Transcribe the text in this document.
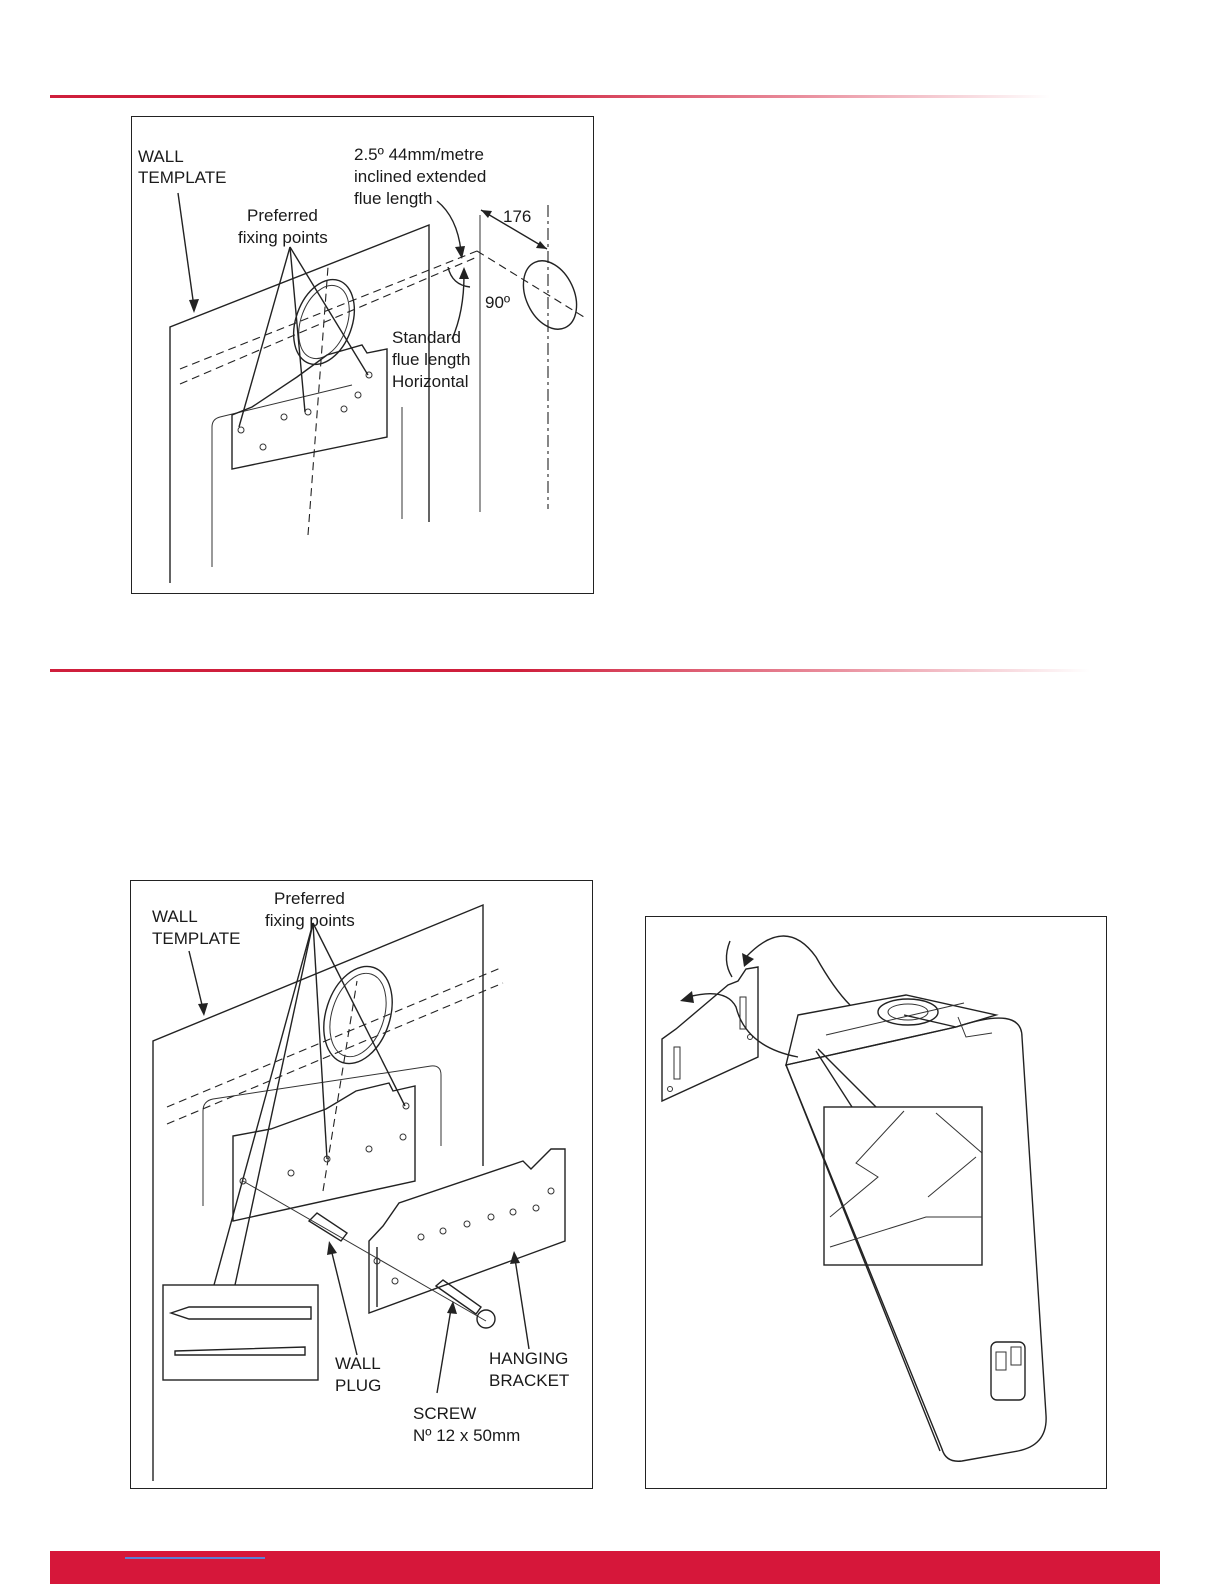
WALL
TEMPLATE
Preferred
fixing points
2.5º 44mm/metre
inclined extended
flue length
176
90º
Standard
flue length
Horizontal
Preferred
fixing points
WALL
TEMPLATE
WALL
PLUG
SCREW
Nº 12 x 50mm
HANGING
BRACKET
